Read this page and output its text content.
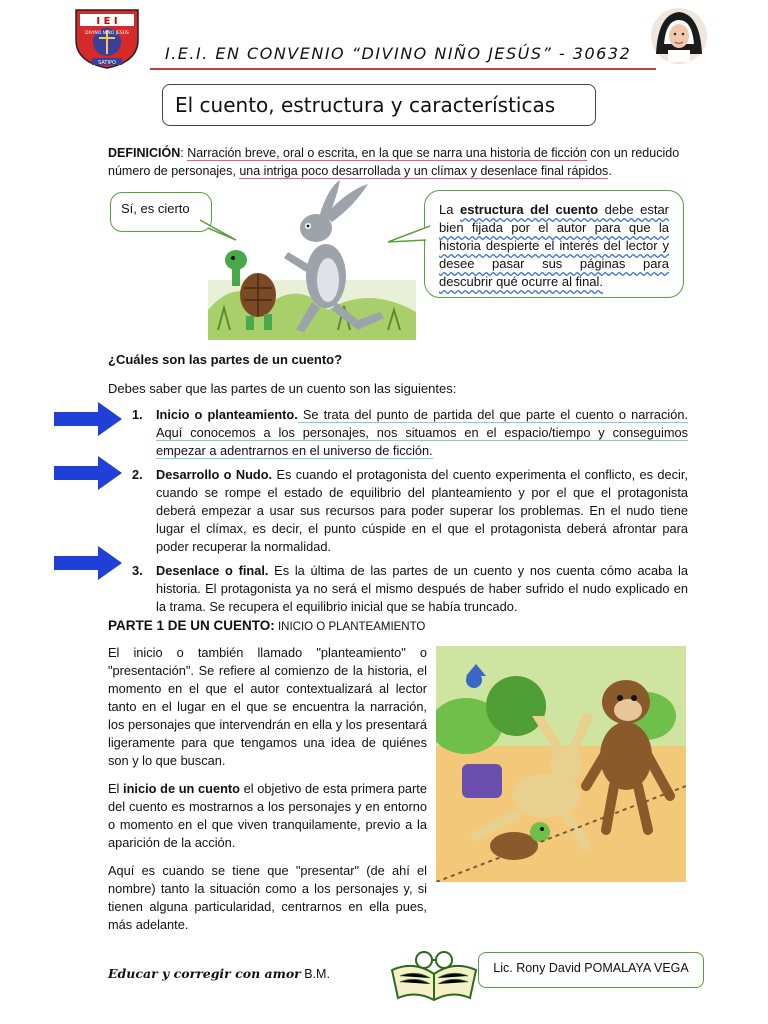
I E I
DIVINO NIÑO JESÚS
SATIPO	I.E.I. EN CONVENIO “DIVINO NIÑO JESÚS” - 30632
El cuento, estructura y características
DEFINICIÓN: Narración breve, oral o escrita, en la que se narra una historia de ficción con un reducido número de personajes, una intriga poco desarrollada y un clímax y desenlace final rápidos.
Sí, es cierto	La estructura del cuento debe estar bien fijada por el autor para que la historia despierte el interés del lector y desee pasar sus páginas para descubrir qué ocurre al final.
¿Cuáles son las partes de un cuento?
Debes saber que las partes de un cuento son las siguientes:
1. Inicio o planteamiento. Se trata del punto de partida del que parte el cuento o narración. Aquí conocemos a los personajes, nos situamos en el espacio/tiempo y conseguimos empezar a adentrarnos en el universo de ficción.
2. Desarrollo o Nudo. Es cuando el protagonista del cuento experimenta el conflicto, es decir, cuando se rompe el estado de equilibrio del planteamiento y por el que el protagonista deberá empezar a usar sus recursos para poder superar los problemas. En el nudo tiene lugar el clímax, es decir, el punto cúspide en el que el protagonista deberá afrontar para poder recuperar la normalidad.
3. Desenlace o final. Es la última de las partes de un cuento y nos cuenta cómo acaba la historia. El protagonista ya no será el mismo después de haber sufrido el nudo explicado en la trama. Se recupera el equilibrio inicial que se había truncado.
PARTE 1 DE UN CUENTO: INICIO O PLANTEAMIENTO

El inicio o también llamado "planteamiento" o "presentación". Se refiere al comienzo de la historia, el momento en el que el autor contextualizará al lector tanto en el lugar en el que se encuentra la narración, los personajes que intervendrán en ella y los presentará ligeramente para que tengamos una idea de quiénes son y lo que buscan.

El inicio de un cuento el objetivo de esta primera parte del cuento es mostrarnos a los personajes y en entorno o momento en el que viven tranquilamente, previo a la aparición de la acción.

Aquí es cuando se tiene que "presentar" (de ahí el nombre) tanto la situación como a los personajes y, si tienen alguna particularidad, centrarnos en ella pues, más adelante.

Educar y corregir con amor B.M.	Lic. Rony David POMALAYA VEGA
